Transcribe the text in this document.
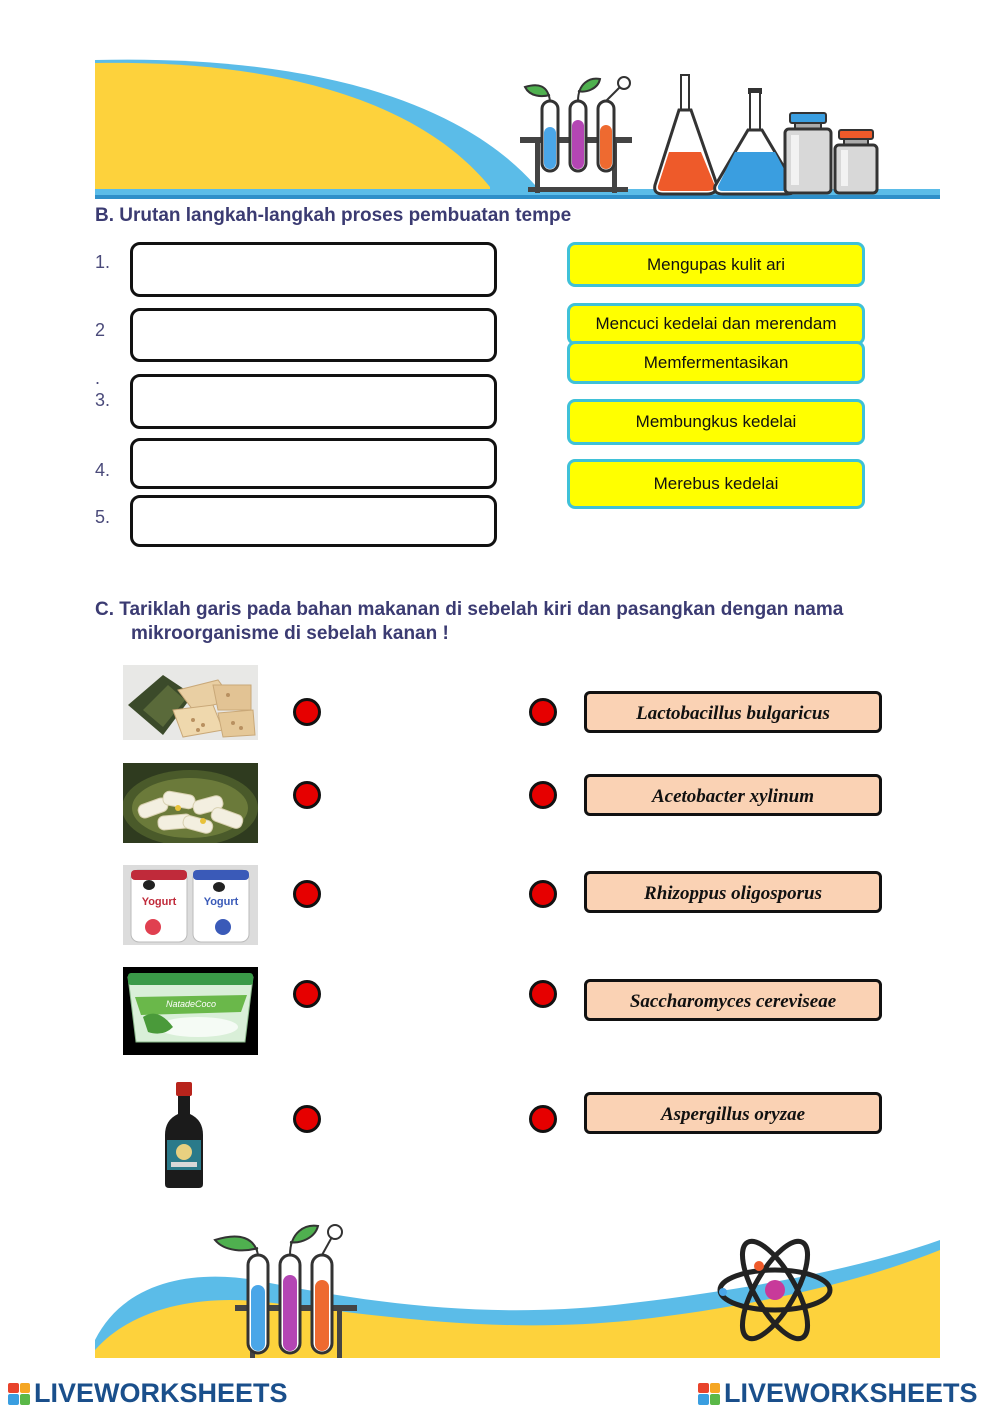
B. Urutan langkah-langkah proses pembuatan tempe
1.
2
.
3.
4.
5.
Mengupas kulit ari
Mencuci kedelai dan merendam
Memfermentasikan
Membungkus kedelai
Merebus kedelai
C. Tariklah garis pada bahan makanan di sebelah kiri dan pasangkan dengan nama
mikroorganisme di sebelah kanan !
Yogurt Yogurt
NatadeCoco
Lactobacillus bulgaricus
Acetobacter xylinum
Rhizoppus oligosporus
Saccharomyces cereviseae
Aspergillus oryzae
LIVEWORKSHEETS	LIVEWORKSHEETS
